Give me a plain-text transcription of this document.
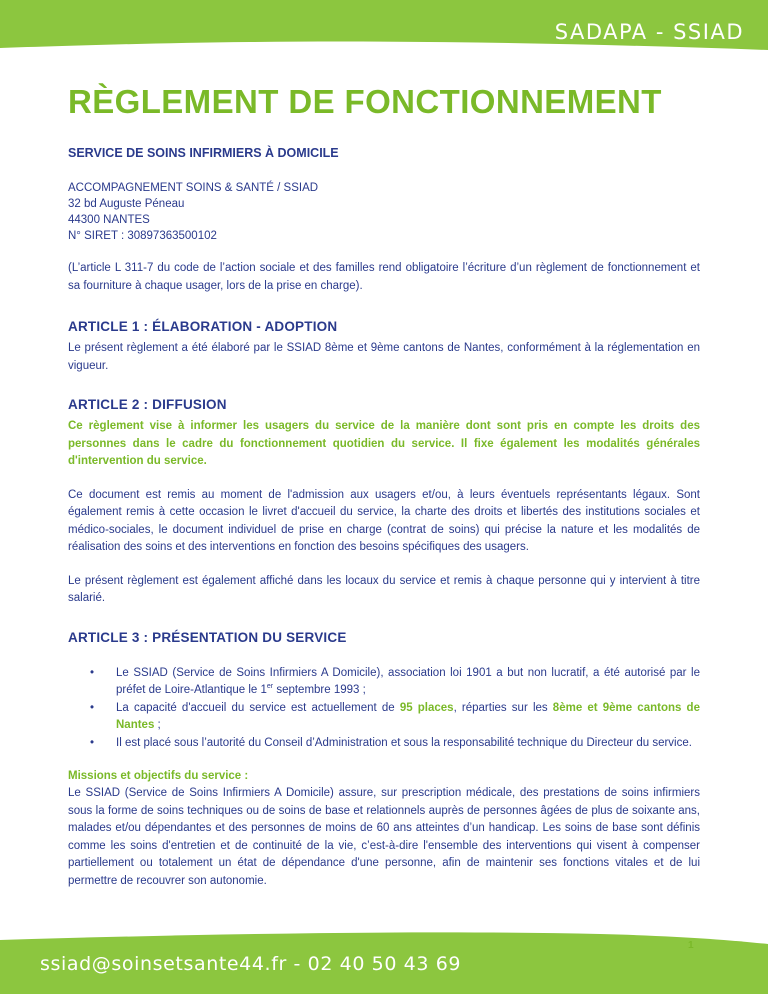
SADAPA - SSIAD
RÈGLEMENT DE FONCTIONNEMENT
SERVICE DE SOINS INFIRMIERS À DOMICILE
ACCOMPAGNEMENT SOINS & SANTÉ / SSIAD
32 bd Auguste Péneau
44300 NANTES
N° SIRET : 30897363500102

(L’article L 311-7 du code de l’action sociale et des familles rend obligatoire l’écriture d’un règlement de fonctionnement et sa fourniture à chaque usager, lors de la prise en charge).

ARTICLE 1 : ÉLABORATION - ADOPTION

Le présent règlement a été élaboré par le SSIAD 8ème et 9ème cantons de Nantes, conformément à la réglementation en vigueur.

ARTICLE 2 : DIFFUSION

Ce règlement vise à informer les usagers du service de la manière dont sont pris en compte les droits des personnes dans le cadre du fonctionnement quotidien du service. Il fixe également les modalités générales d'intervention du service.

Ce document est remis au moment de l'admission aux usagers et/ou, à leurs éventuels représentants légaux. Sont également remis à cette occasion le livret d'accueil du service, la charte des droits et libertés des institutions sociales et médico-sociales, le document individuel de prise en charge (contrat de soins) qui précise la nature et les modalités de réalisation des soins et des interventions en fonction des besoins spécifiques des usagers.

Le présent règlement est également affiché dans les locaux du service et remis à chaque personne qui y intervient à titre salarié.

ARTICLE 3 : PRÉSENTATION DU SERVICE
• Le SSIAD (Service de Soins Infirmiers A Domicile), association loi 1901 a but non lucratif, a été autorisé par le préfet de Loire-Atlantique le 1er septembre 1993 ;
• La capacité d'accueil du service est actuellement de 95 places, réparties sur les 8ème et 9ème cantons de Nantes ;
• Il est placé sous l’autorité du Conseil d’Administration et sous la responsabilité technique du Directeur du service.
Missions et objectifs du service :

Le SSIAD (Service de Soins Infirmiers A Domicile) assure, sur prescription médicale, des prestations de soins infirmiers sous la forme de soins techniques ou de soins de base et relationnels auprès de personnes âgées de plus de soixante ans, malades et/ou dépendantes et des personnes de moins de 60 ans atteintes d’un handicap. Les soins de base sont définis comme les soins d'entretien et de continuité de la vie, c’est-à-dire l'ensemble des interventions qui visent à compenser partiellement ou totalement un état de dépendance d'une personne, afin de maintenir ses fonctions vitales et de lui permettre de recouvrer son autonomie.

1
ssiad@soinsetsante44.fr - 02 40 50 43 69
